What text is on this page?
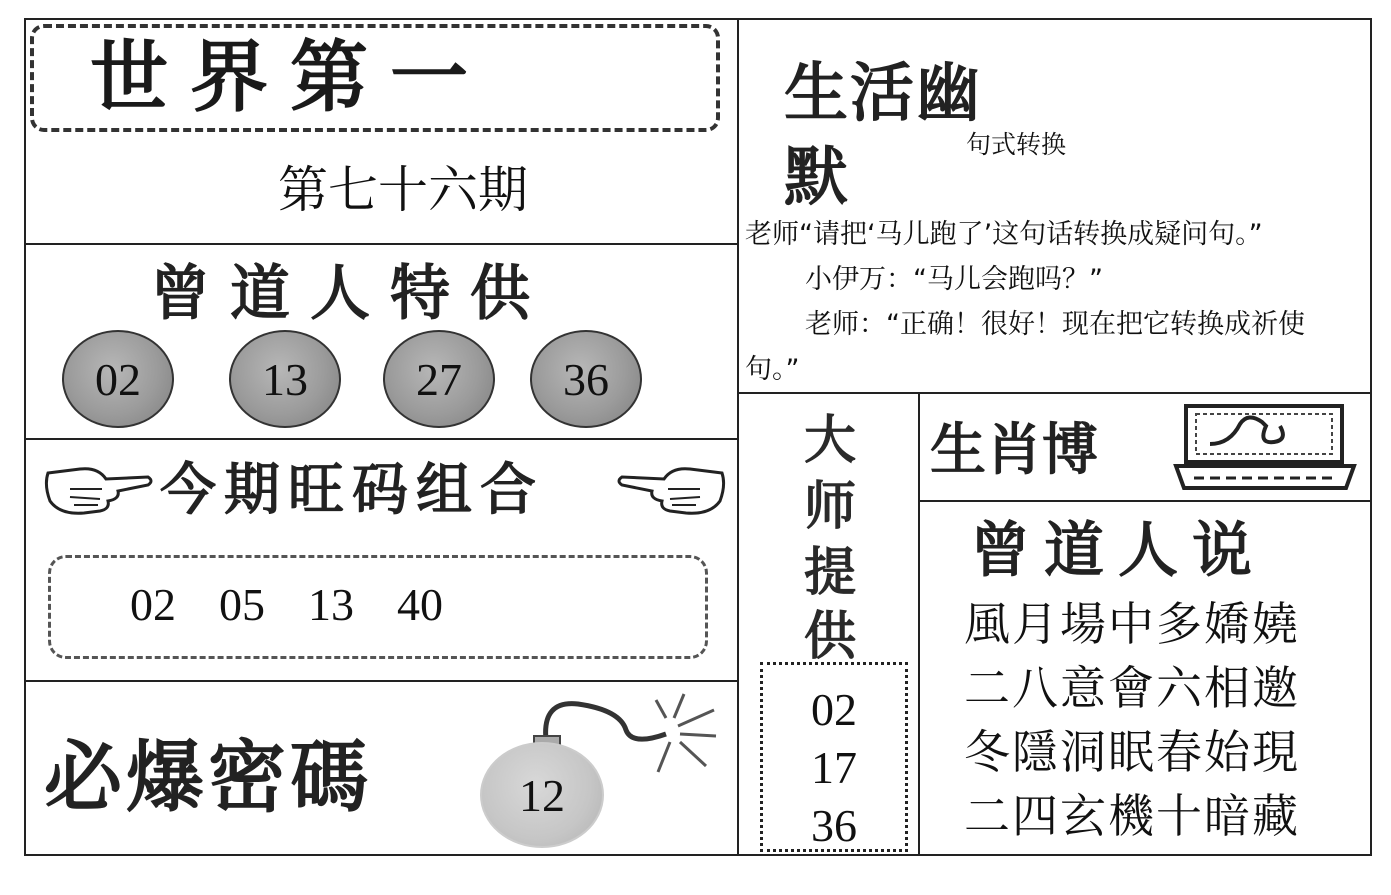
世界第一
第七十六期
曾道人特供
02	13	27	36
今期旺码组合
02  05  13  40
必爆密碼	12
生活幽默	句式转换
老师“请把‘马儿跑了’这句话转换成疑问句。”
小伊万：“马儿会跑吗？”
老师：“正确！很好！现在把它转换成祈使
句。”
大
师
提
供
02
17
36
生肖博
曾道人说
風月場中多嬌嬈
二八意會六相邀
冬隱洞眠春始現
二四玄機十暗藏
